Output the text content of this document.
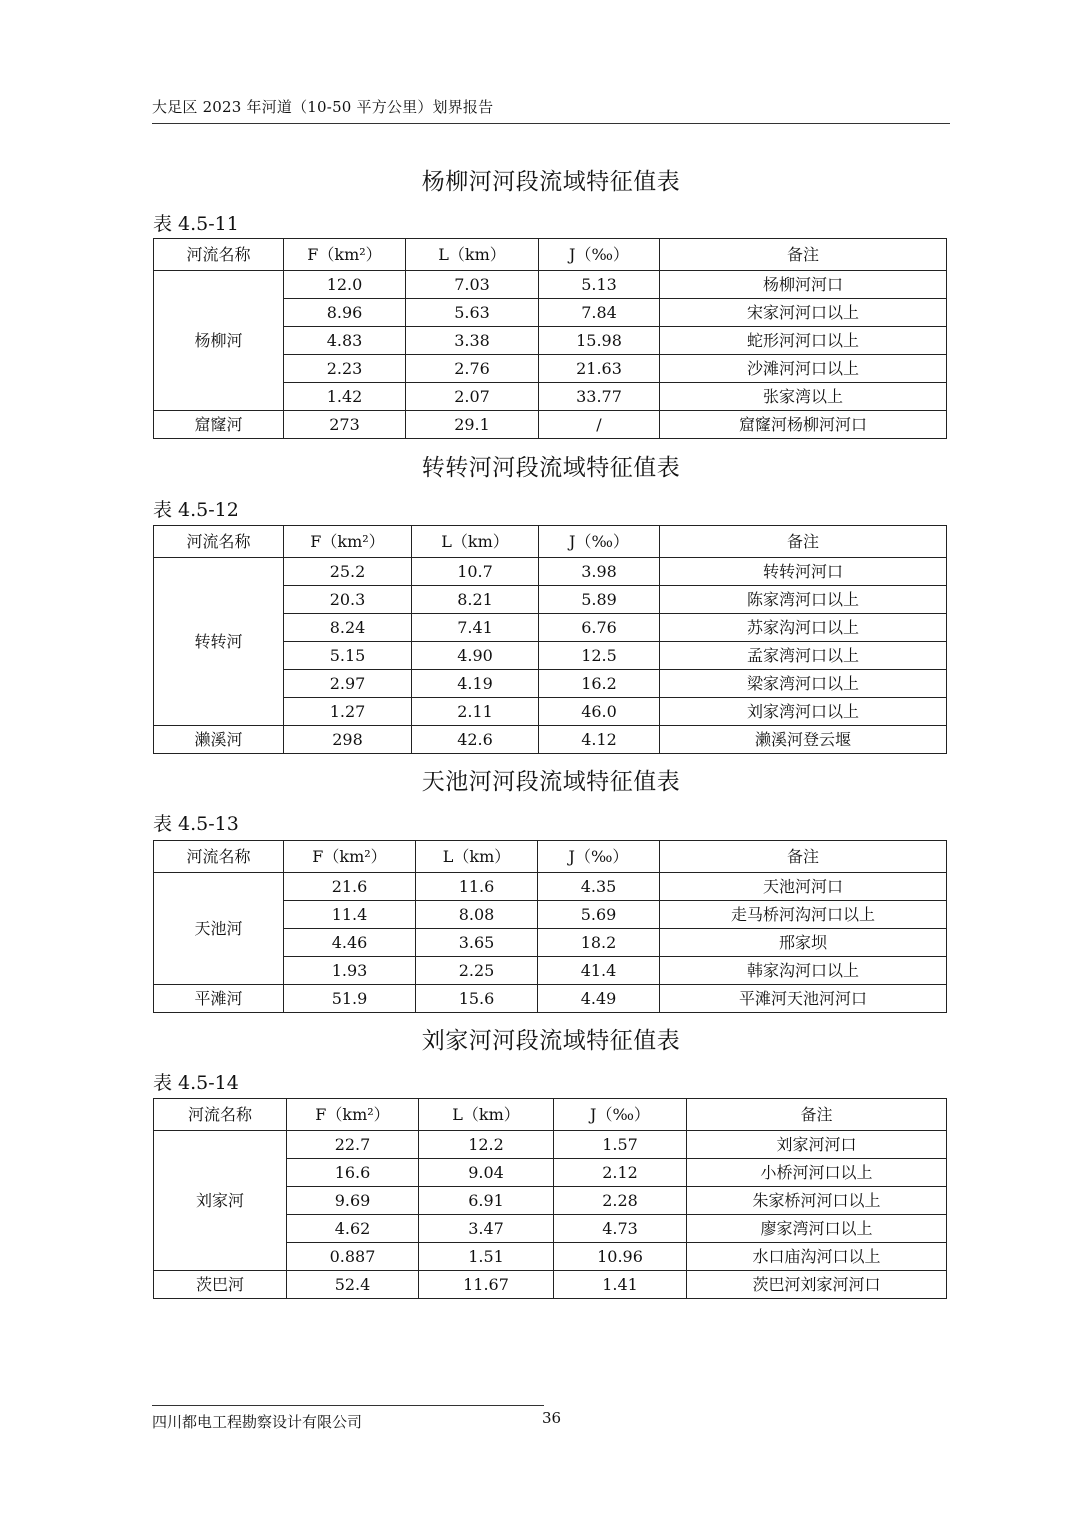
大足区 2023 年河道（10-50 平方公里）划界报告
杨柳河河段流域特征值表
表 4.5-11
河流名称	F（km²）	L（km）	J（‰）	备注
杨柳河	12.0	7.03	5.13	杨柳河河口
	8.96	5.63	7.84	宋家河河口以上
	4.83	3.38	15.98	蛇形河河口以上
	2.23	2.76	21.63	沙滩河河口以上
	1.42	2.07	33.77	张家湾以上
窟窿河	273	29.1	/	窟窿河杨柳河河口
转转河河段流域特征值表
表 4.5-12
河流名称	F（km²）	L（km）	J（‰）	备注
转转河	25.2	10.7	3.98	转转河河口
	20.3	8.21	5.89	陈家湾河口以上
	8.24	7.41	6.76	苏家沟河口以上
	5.15	4.90	12.5	孟家湾河口以上
	2.97	4.19	16.2	梁家湾河口以上
	1.27	2.11	46.0	刘家湾河口以上
濑溪河	298	42.6	4.12	濑溪河登云堰
天池河河段流域特征值表
表 4.5-13
河流名称	F（km²）	L（km）	J（‰）	备注
天池河	21.6	11.6	4.35	天池河河口
	11.4	8.08	5.69	走马桥河沟河口以上
	4.46	3.65	18.2	邢家坝
	1.93	2.25	41.4	韩家沟河口以上
平滩河	51.9	15.6	4.49	平滩河天池河河口
刘家河河段流域特征值表
表 4.5-14
河流名称	F（km²）	L（km）	J（‰）	备注
刘家河	22.7	12.2	1.57	刘家河河口
	16.6	9.04	2.12	小桥河河口以上
	9.69	6.91	2.28	朱家桥河河口以上
	4.62	3.47	4.73	廖家湾河口以上
	0.887	1.51	10.96	水口庙沟河口以上
茨巴河	52.4	11.67	1.41	茨巴河刘家河河口
四川都电工程勘察设计有限公司	36
